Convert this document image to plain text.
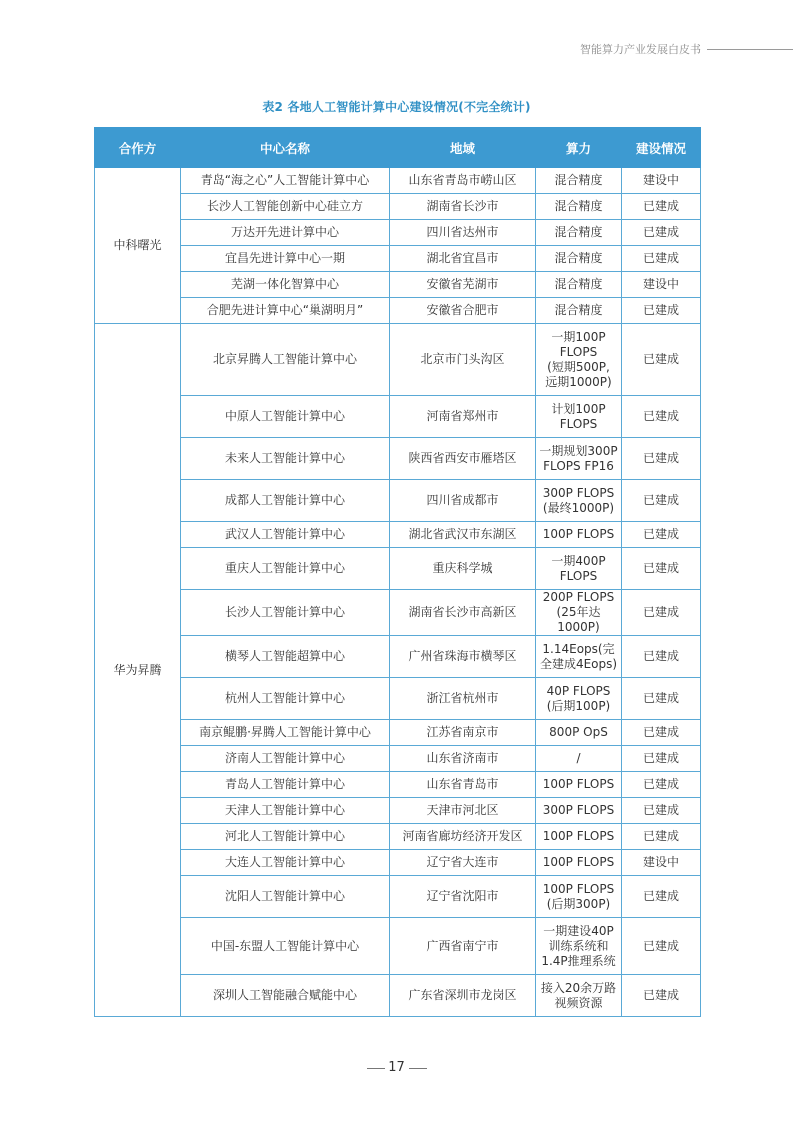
智能算力产业发展白皮书
表2 各地人工智能计算中心建设情况(不完全统计)
合作方	中心名称	地域	算力	建设情况
中科曙光	青岛“海之心”人工智能计算中心	山东省青岛市崂山区	混合精度	建设中
	长沙人工智能创新中心硅立方	湖南省长沙市	混合精度	已建成
	万达开先进计算中心	四川省达州市	混合精度	已建成
	宜昌先进计算中心一期	湖北省宜昌市	混合精度	已建成
	芜湖一体化智算中心	安徽省芜湖市	混合精度	建设中
	合肥先进计算中心“巢湖明月”	安徽省合肥市	混合精度	已建成
华为昇腾	北京昇腾人工智能计算中心	北京市门头沟区	一期100P
FLOPS
(短期500P,
远期1000P)	已建成
	中原人工智能计算中心	河南省郑州市	计划100P
FLOPS	已建成
	未来人工智能计算中心	陕西省西安市雁塔区	一期规划300P
FLOPS FP16	已建成
	成都人工智能计算中心	四川省成都市	300P FLOPS
(最终1000P)	已建成
	武汉人工智能计算中心	湖北省武汉市东湖区	100P FLOPS	已建成
	重庆人工智能计算中心	重庆科学城	一期400P
FLOPS	已建成
	长沙人工智能计算中心	湖南省长沙市高新区	200P FLOPS
(25年达1000P)	已建成
	横琴人工智能超算中心	广州省珠海市横琴区	1.14Eops(完
全建成4Eops)	已建成
	杭州人工智能计算中心	浙江省杭州市	40P FLOPS
(后期100P)	已建成
	南京鲲鹏·昇腾人工智能计算中心	江苏省南京市	800P OpS	已建成
	济南人工智能计算中心	山东省济南市	/	已建成
	青岛人工智能计算中心	山东省青岛市	100P FLOPS	已建成
	天津人工智能计算中心	天津市河北区	300P FLOPS	已建成
	河北人工智能计算中心	河南省廊坊经济开发区	100P FLOPS	已建成
	大连人工智能计算中心	辽宁省大连市	100P FLOPS	建设中
	沈阳人工智能计算中心	辽宁省沈阳市	100P FLOPS
(后期300P)	已建成
	中国-东盟人工智能计算中心	广西省南宁市	一期建设40P
训练系统和
1.4P推理系统	已建成
	深圳人工智能融合赋能中心	广东省深圳市龙岗区	接入20余万路
视频资源	已建成
17
